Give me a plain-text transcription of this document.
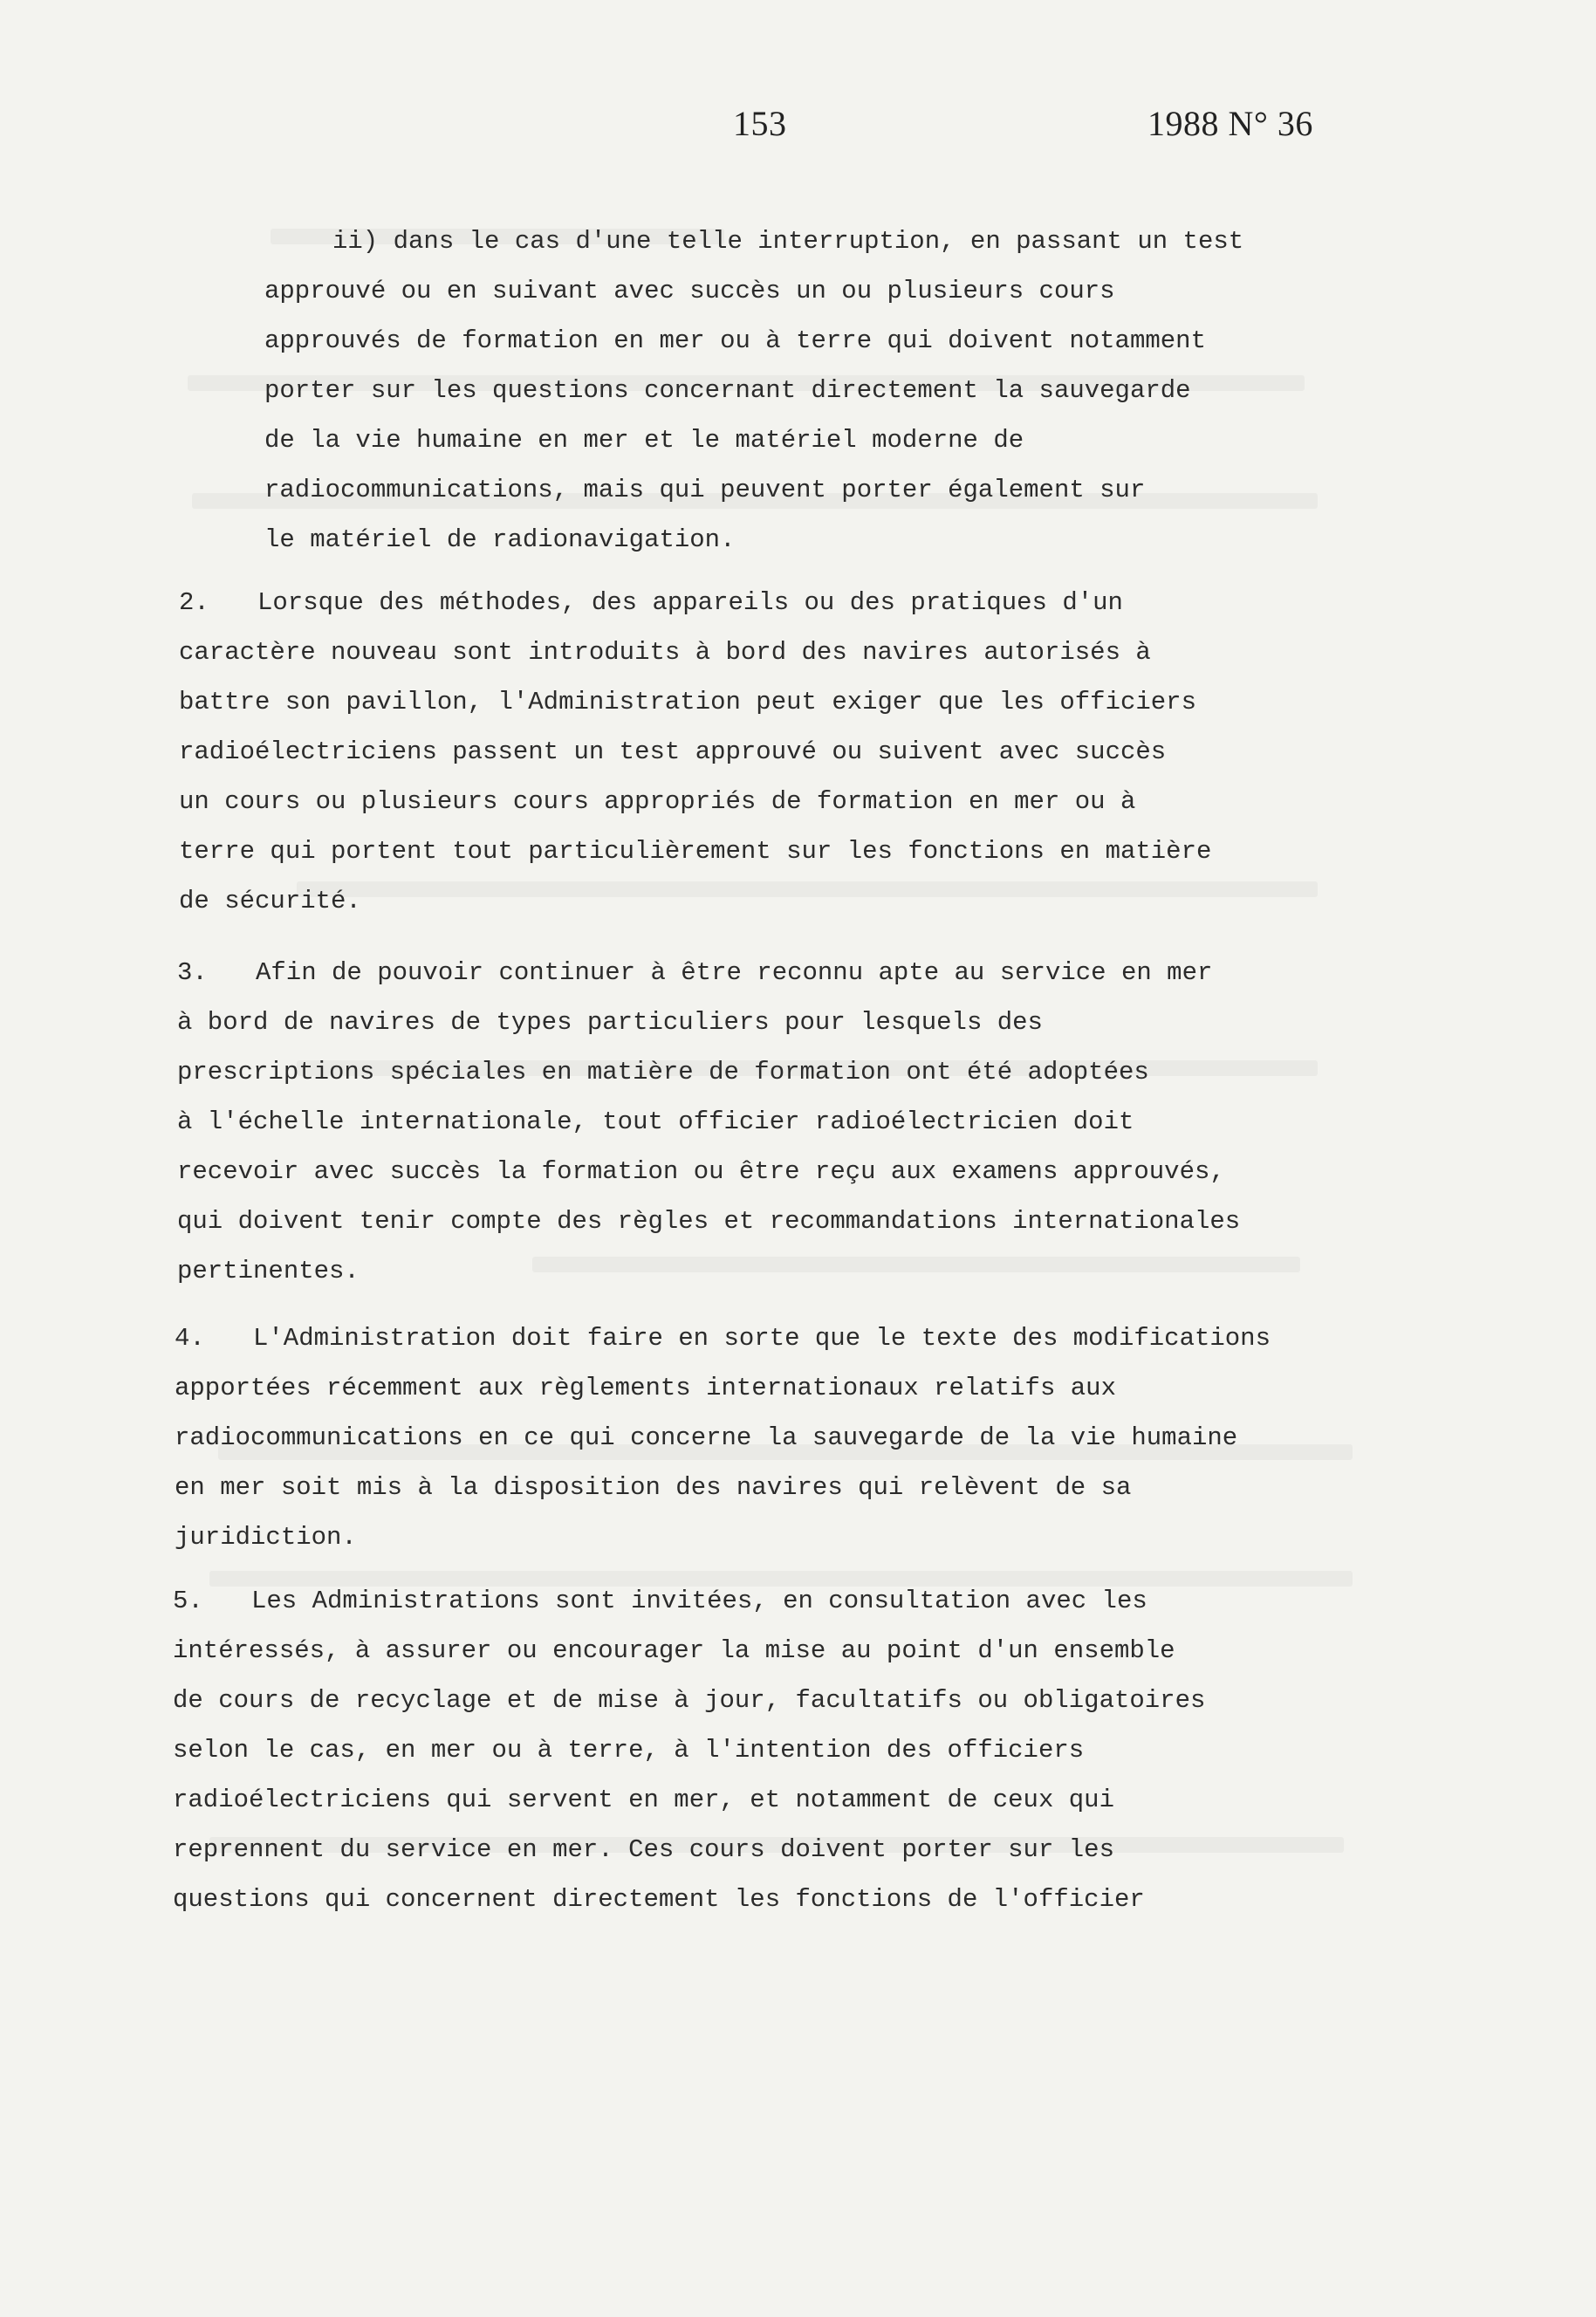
153	1988 N° 36
ii) dans le cas d'une telle interruption, en passant un test
approuvé ou en suivant avec succès un ou plusieurs cours
approuvés de formation en mer ou à terre qui doivent notamment
porter sur les questions concernant directement la sauvegarde
de la vie humaine en mer et le matériel moderne de
radiocommunications, mais qui peuvent porter également sur
le matériel de radionavigation.
2. Lorsque des méthodes, des appareils ou des pratiques d'un
caractère nouveau sont introduits à bord des navires autorisés à
battre son pavillon, l'Administration peut exiger que les officiers
radioélectriciens passent un test approuvé ou suivent avec succès
un cours ou plusieurs cours appropriés de formation en mer ou à
terre qui portent tout particulièrement sur les fonctions en matière
de sécurité.
3. Afin de pouvoir continuer à être reconnu apte au service en mer
à bord de navires de types particuliers pour lesquels des
prescriptions spéciales en matière de formation ont été adoptées
à l'échelle internationale, tout officier radioélectricien doit
recevoir avec succès la formation ou être reçu aux examens approuvés,
qui doivent tenir compte des règles et recommandations internationales
pertinentes.
4. L'Administration doit faire en sorte que le texte des modifications
apportées récemment aux règlements internationaux relatifs aux
radiocommunications en ce qui concerne la sauvegarde de la vie humaine
en mer soit mis à la disposition des navires qui relèvent de sa
juridiction.
5. Les Administrations sont invitées, en consultation avec les
intéressés, à assurer ou encourager la mise au point d'un ensemble
de cours de recyclage et de mise à jour, facultatifs ou obligatoires
selon le cas, en mer ou à terre, à l'intention des officiers
radioélectriciens qui servent en mer, et notamment de ceux qui
reprennent du service en mer. Ces cours doivent porter sur les
questions qui concernent directement les fonctions de l'officier
